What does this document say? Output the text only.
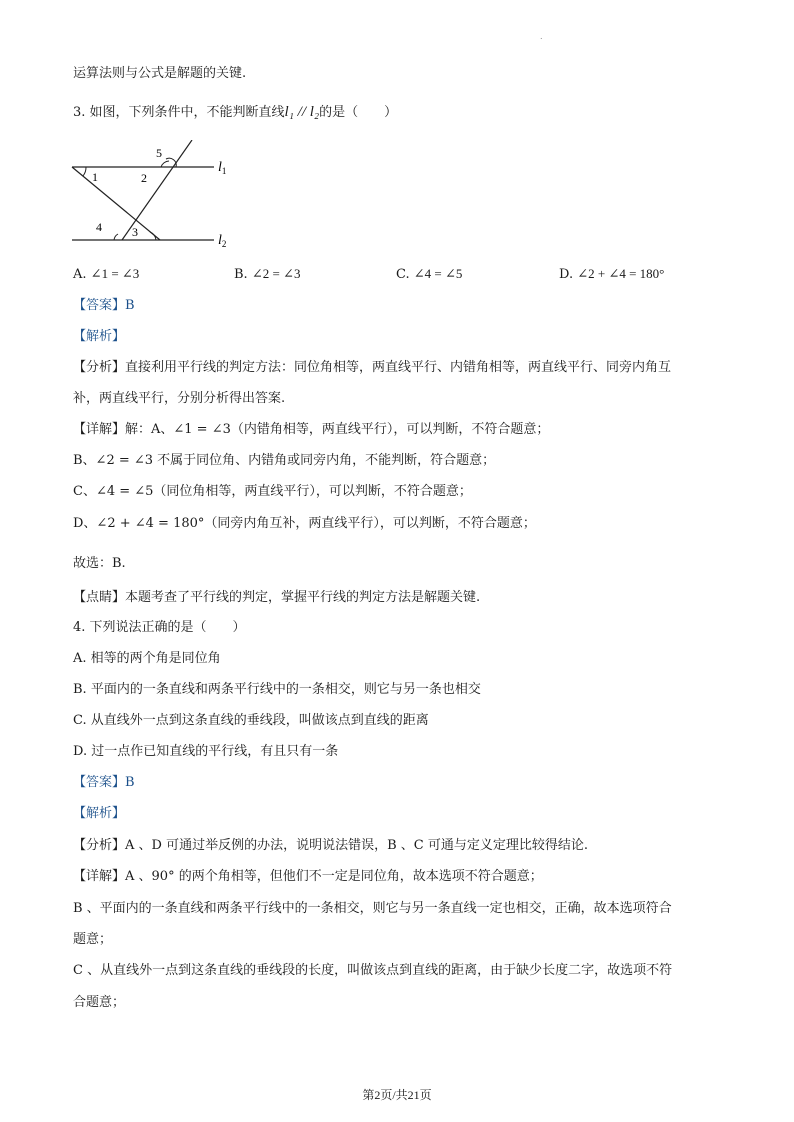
.
运算法则与公式是解题的关键.
3. 如图，下列条件中，不能判断直线l₁ // l₂的是（　　）
1	2
5
4	3
$l_1$
$l_2$
A. ∠1 = ∠3	B. ∠2 = ∠3	C. ∠4 = ∠5	D. ∠2 + ∠4 = 180°
【答案】B
【解析】
【分析】直接利用平行线的判定方法：同位角相等，两直线平行、内错角相等，两直线平行、同旁内角互
补，两直线平行，分别分析得出答案.
【详解】解：A、∠1 = ∠3（内错角相等，两直线平行），可以判断，不符合题意；
B、∠2 = ∠3 不属于同位角、内错角或同旁内角，不能判断，符合题意；
C、∠4 = ∠5（同位角相等，两直线平行），可以判断，不符合题意；
D、∠2 + ∠4 = 180°（同旁内角互补，两直线平行），可以判断，不符合题意；
故选：B.
【点睛】本题考查了平行线的判定，掌握平行线的判定方法是解题关键.
4. 下列说法正确的是（　　）
A. 相等的两个角是同位角
B. 平面内的一条直线和两条平行线中的一条相交，则它与另一条也相交
C. 从直线外一点到这条直线的垂线段，叫做该点到直线的距离
D. 过一点作已知直线的平行线，有且只有一条
【答案】B
【解析】
【分析】A 、D 可通过举反例的办法，说明说法错误，B 、C 可通与定义定理比较得结论.
【详解】A 、90° 的两个角相等，但他们不一定是同位角，故本选项不符合题意；
B 、平面内的一条直线和两条平行线中的一条相交，则它与另一条直线一定也相交，正确，故本选项符合
题意；
C 、从直线外一点到这条直线的垂线段的长度，叫做该点到直线的距离，由于缺少长度二字，故选项不符
合题意；
第2页/共21页
